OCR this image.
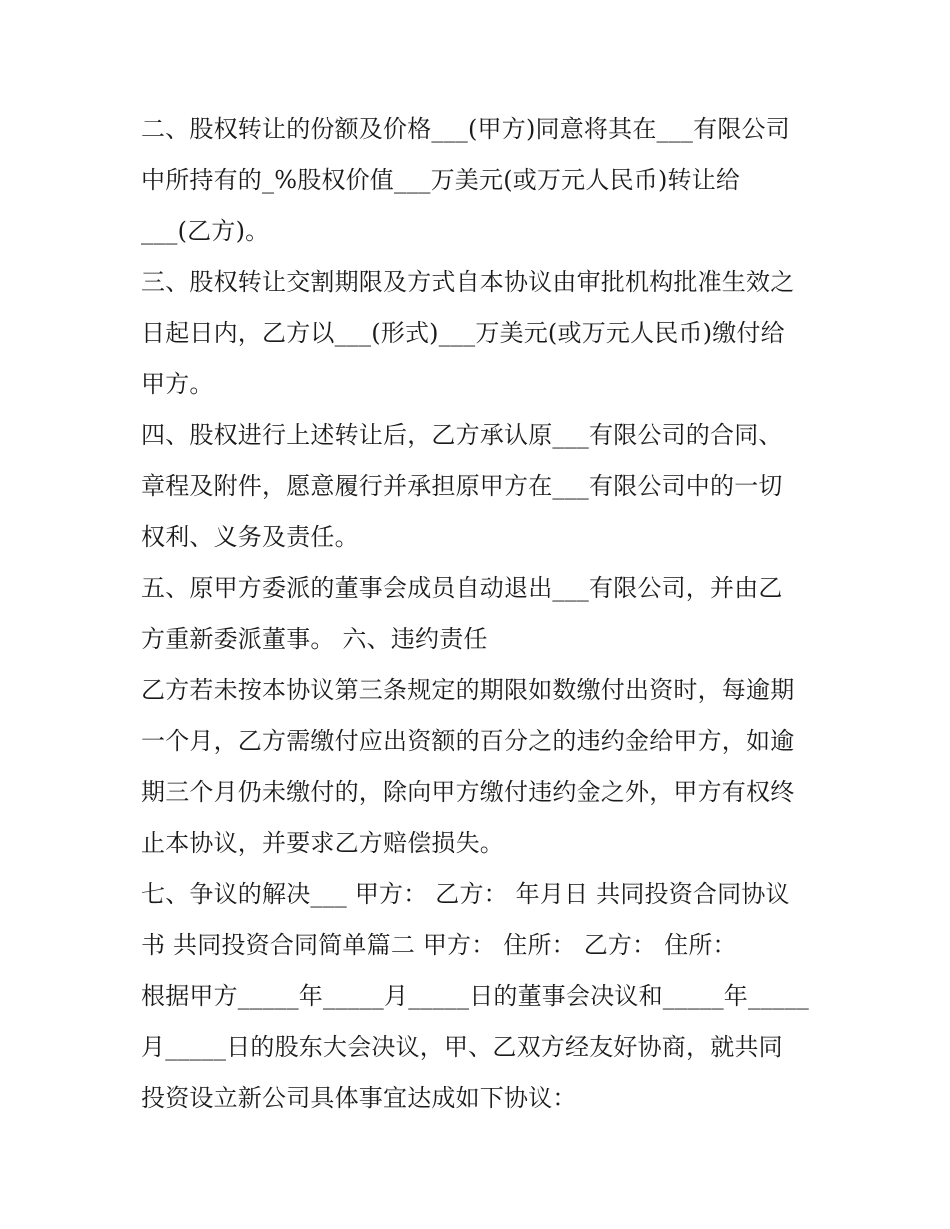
二、股权转让的份额及价格___(甲方)同意将其在___有限公司
中所持有的_%股权价值___万美元(或万元人民币)转让给
___(乙方)。
三、股权转让交割期限及方式自本协议由审批机构批准生效之
日起日内，乙方以___(形式)___万美元(或万元人民币)缴付给
甲方。
四、股权进行上述转让后，乙方承认原___有限公司的合同、
章程及附件，愿意履行并承担原甲方在___有限公司中的一切
权利、义务及责任。
五、原甲方委派的董事会成员自动退出___有限公司，并由乙
方重新委派董事。 六、违约责任
乙方若未按本协议第三条规定的期限如数缴付出资时，每逾期
一个月，乙方需缴付应出资额的百分之的违约金给甲方，如逾
期三个月仍未缴付的，除向甲方缴付违约金之外，甲方有权终
止本协议，并要求乙方赔偿损失。
七、争议的解决___ 甲方： 乙方： 年月日 共同投资合同协议
书 共同投资合同简单篇二 甲方： 住所： 乙方： 住所：
根据甲方_____年_____月_____日的董事会决议和_____年_____
月_____日的股东大会决议，甲、乙双方经友好协商，就共同
投资设立新公司具体事宜达成如下协议：
